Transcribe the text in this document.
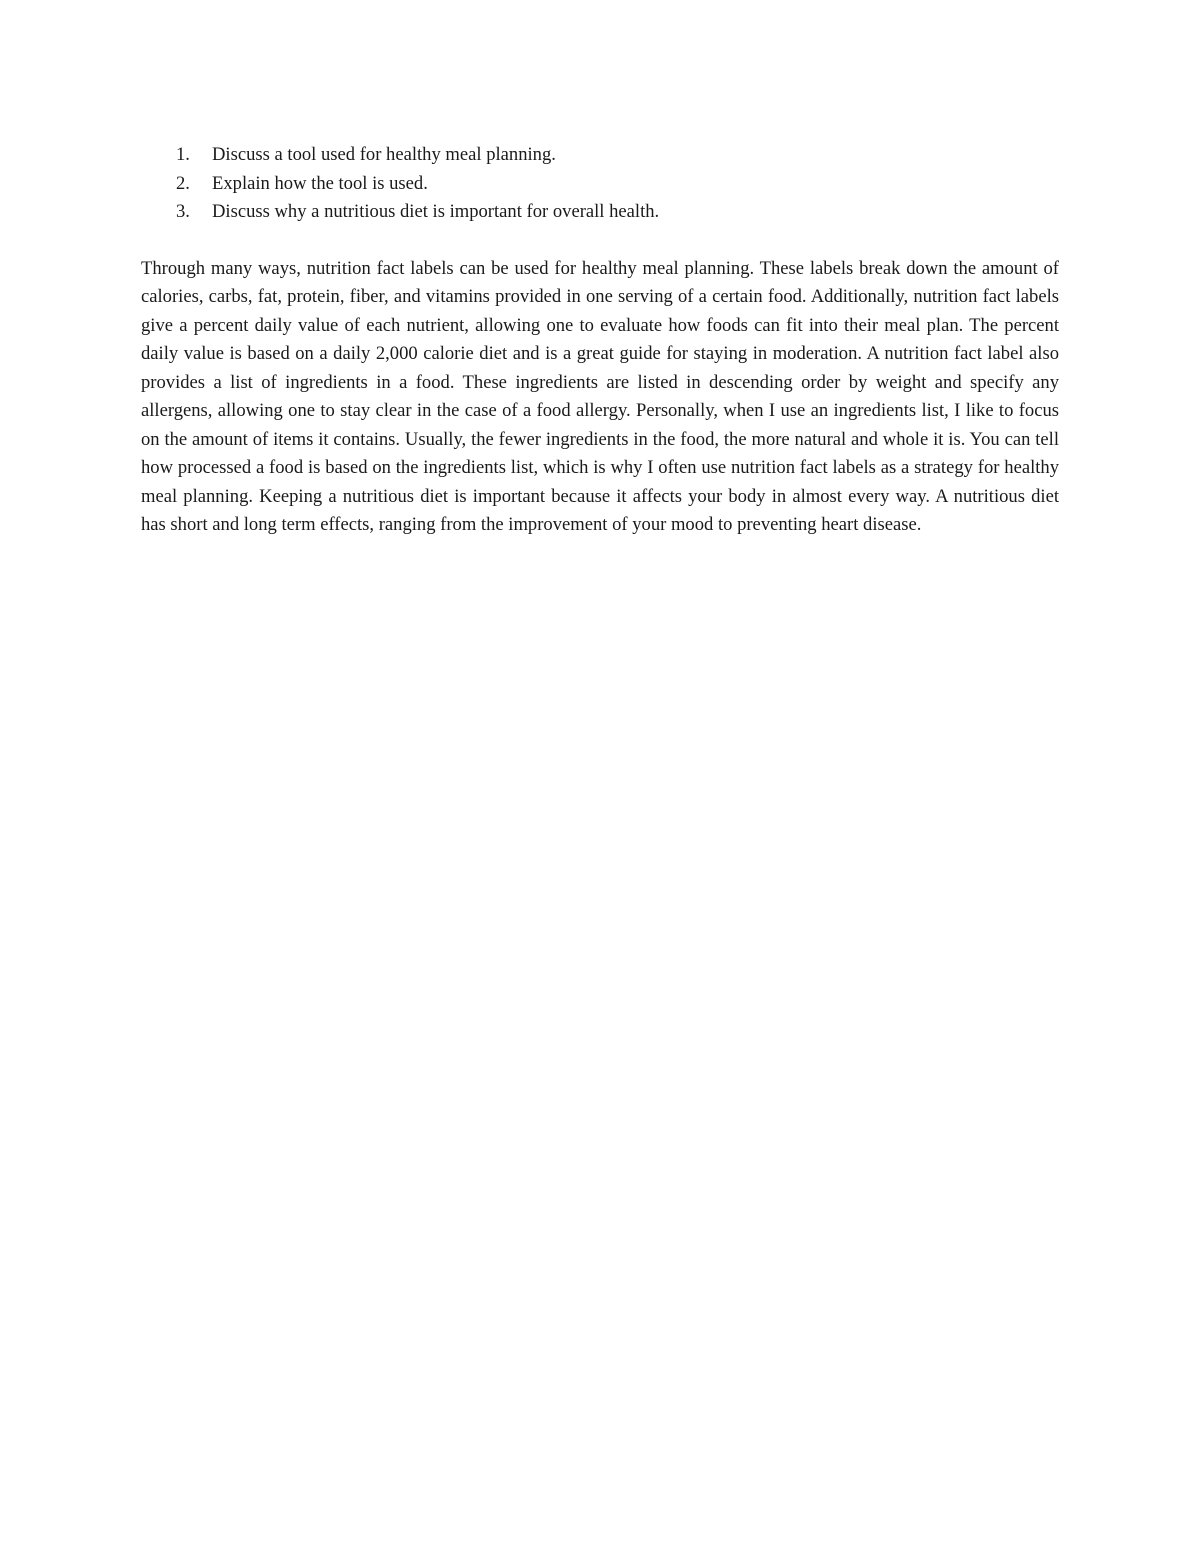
1. Discuss a tool used for healthy meal planning.
2. Explain how the tool is used.
3. Discuss why a nutritious diet is important for overall health.

Through many ways, nutrition fact labels can be used for healthy meal planning. These labels break down the amount of calories, carbs, fat, protein, fiber, and vitamins provided in one serving of a certain food. Additionally, nutrition fact labels give a percent daily value of each nutrient, allowing one to evaluate how foods can fit into their meal plan. The percent daily value is based on a daily 2,000 calorie diet and is a great guide for staying in moderation. A nutrition fact label also provides a list of ingredients in a food. These ingredients are listed in descending order by weight and specify any allergens, allowing one to stay clear in the case of a food allergy. Personally, when I use an ingredients list, I like to focus on the amount of items it contains. Usually, the fewer ingredients in the food, the more natural and whole it is. You can tell how processed a food is based on the ingredients list, which is why I often use nutrition fact labels as a strategy for healthy meal planning. Keeping a nutritious diet is important because it affects your body in almost every way. A nutritious diet has short and long term effects, ranging from the improvement of your mood to preventing heart disease.
